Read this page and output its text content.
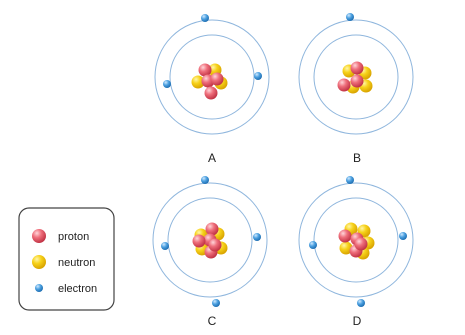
A	B
C	D
proton
neutron
electron
